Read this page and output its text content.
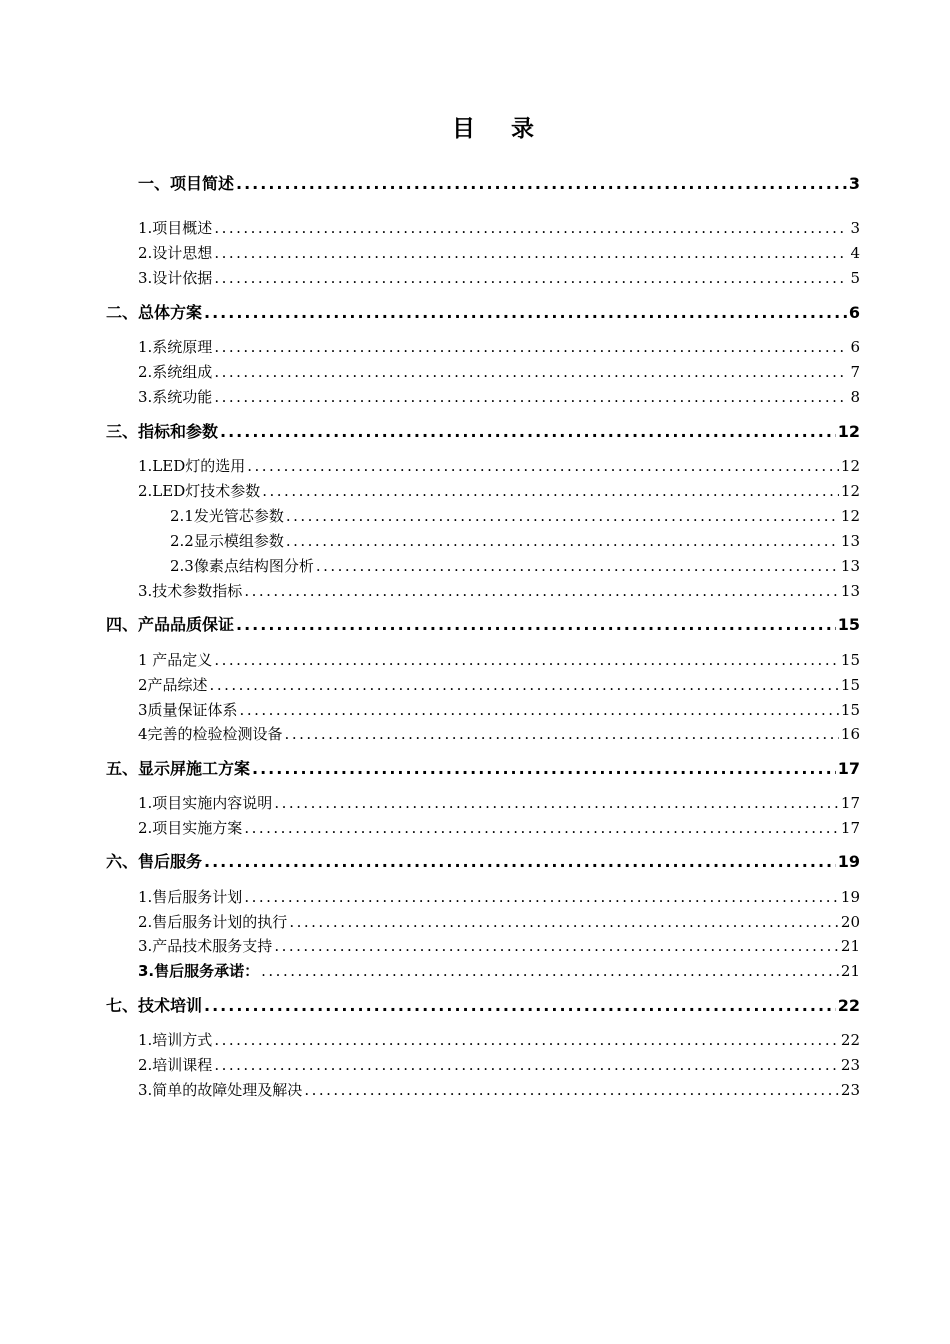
目 录
一、项目简述 .....	3
1.项目概述 .....	3
2.设计思想 .....	4
3.设计依据 .....	5
二、总体方案 .....	6
1.系统原理 .....	6
2.系统组成 .....	7
3.系统功能 .....	8
三、指标和参数 .....	12
1.LED灯的选用 .....	12
2.LED灯技术参数 .....	12
2.1发光管芯参数 .....	12
2.2显示模组参数 .....	13
2.3像素点结构图分析 .....	13
3.技术参数指标 .....	13
四、产品品质保证 .....	15
1 产品定义 .....	15
2产品综述 .....	15
3质量保证体系 .....	15
4完善的检验检测设备 .....	16
五、显示屏施工方案 .....	17
1.项目实施内容说明 .....	17
2.项目实施方案 .....	17
六、售后服务 .....	19
1.售后服务计划 .....	19
2.售后服务计划的执行 .....	20
3.产品技术服务支持 .....	21
3.售后服务承诺： .....	21
七、技术培训 .....	22
1.培训方式 .....	22
2.培训课程 .....	23
3.简单的故障处理及解决 .....	23
